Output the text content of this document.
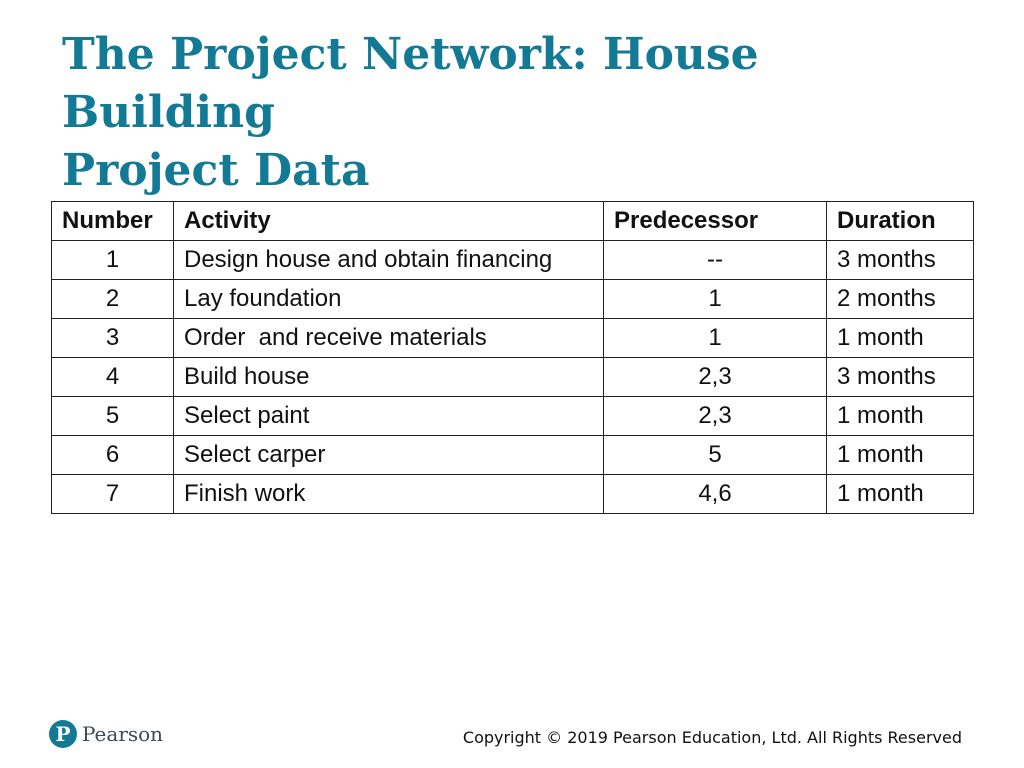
The Project Network: House Building
Project Data
Number	Activity	Predecessor	Duration
1	Design house and obtain financing	--	3 months
2	Lay foundation	1	2 months
3	Order  and receive materials	1	1 month
4	Build house	2,3	3 months
5	Select paint	2,3	1 month
6	Select carper	5	1 month
7	Finish work	4,6	1 month
P Pearson	Copyright © 2019 Pearson Education, Ltd. All Rights Reserved
